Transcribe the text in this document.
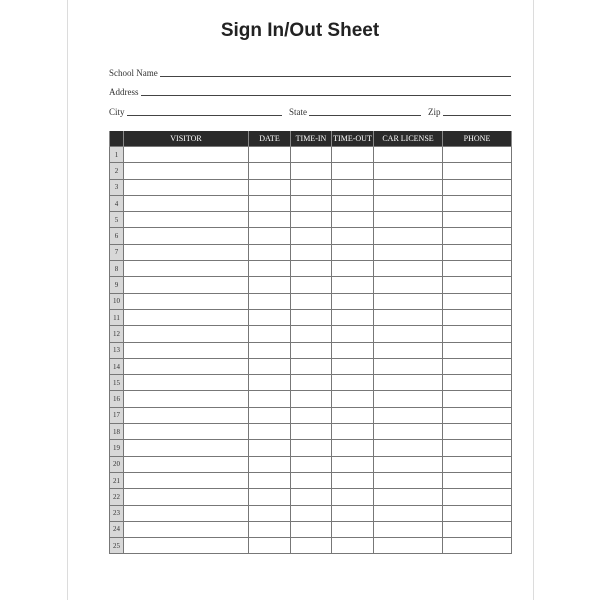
Sign In/Out Sheet
School Name
Address
City	State	Zip
	VISITOR	DATE	TIME-IN	TIME-OUT	CAR LICENSE	PHONE
1						
2						
3						
4						
5						
6						
7						
8						
9						
10						
11						
12						
13						
14						
15						
16						
17						
18						
19						
20						
21						
22						
23						
24						
25						
